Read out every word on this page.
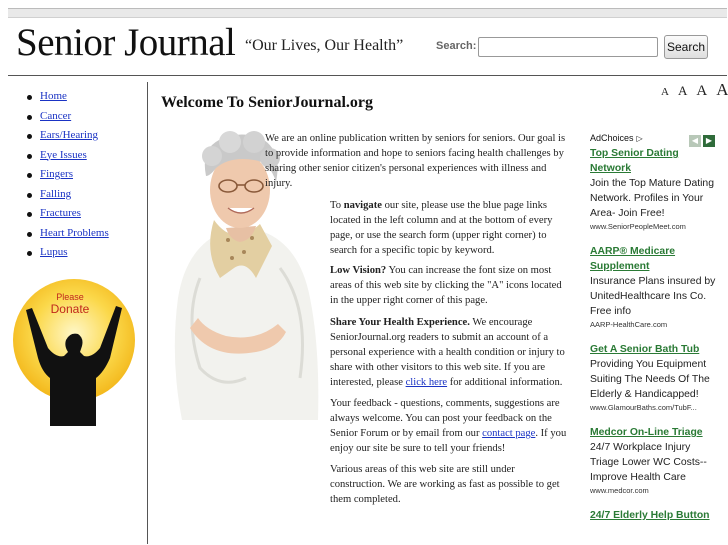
Senior Journal “Our Lives, Our Health”	Search:	Search
A A A A
Home
Cancer
Ears/Hearing
Eye Issues
Fingers
Falling
Fractures
Heart Problems
Lupus
Please
Donate
Welcome To SeniorJournal.org

We are an online publication written by seniors for seniors. Our goal is to provide information and hope to seniors facing health challenges by sharing other senior citizen's personal experiences with illness and injury.

To navigate our site, please use the blue page links located in the left column and at the bottom of every page, or use the search form (upper right corner) to search for a specific topic by keyword.

Low Vision? You can increase the font size on most areas of this web site by clicking the "A" icons located in the upper right corner of this page.

Share Your Health Experience. We encourage SeniorJournal.org readers to submit an account of a personal experience with a health condition or injury to share with other visitors to this web site. If you are interested, please click here for additional information.

Your feedback - questions, comments, suggestions are always welcome. You can post your feedback on the Senior Forum or by email from our contact page. If you enjoy our site be sure to tell your friends!

Various areas of this web site are still under construction. We are working as fast as possible to get them completed.

AdChoices ▷	◀ ▶
Top Senior Dating Network
Join the Top Mature Dating Network. Profiles in Your Area- Join Free!
www.SeniorPeopleMeet.com
AARP® Medicare Supplement
Insurance Plans insured by UnitedHealthcare Ins Co. Free info
AARP-HealthCare.com
Get A Senior Bath Tub
Providing You Equipment Suiting The Needs Of The Elderly & Handicapped!
www.GlamourBaths.com/TubF...
Medcor On-Line Triage
24/7 Workplace Injury Triage Lower WC Costs-- Improve Health Care
www.medcor.com
24/7 Elderly Help Button
